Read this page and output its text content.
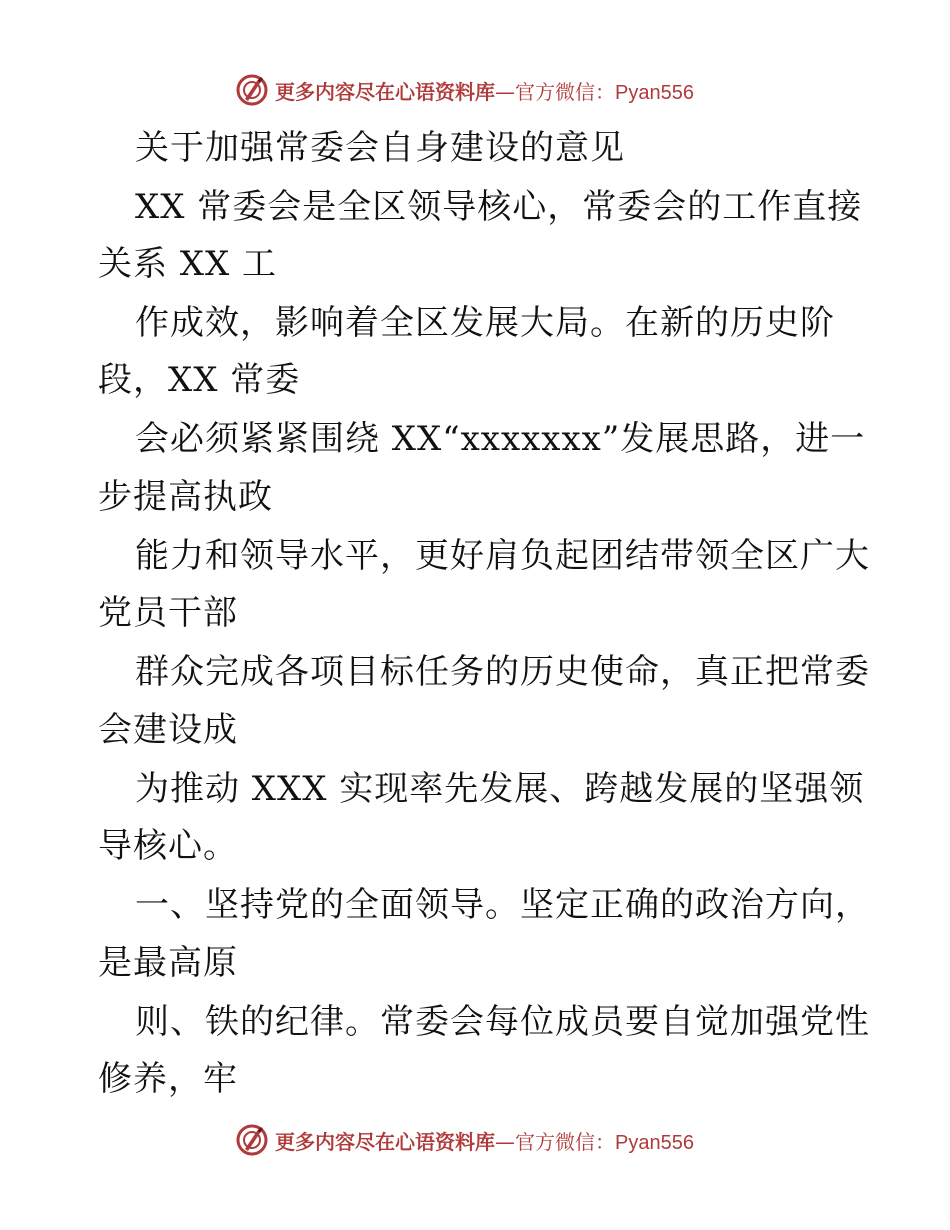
更多内容尽在心语资料库—官方微信：Pyan556
关于加强常委会自身建设的意见
XX 常委会是全区领导核心，常委会的工作直接
关系 XX 工
作成效，影响着全区发展大局。在新的历史阶
段，XX 常委
会必须紧紧围绕 XX“xxxxxxx”发展思路，进一
步提高执政
能力和领导水平，更好肩负起团结带领全区广大
党员干部
群众完成各项目标任务的历史使命，真正把常委
会建设成
为推动 XXX 实现率先发展、跨越发展的坚强领
导核心。
一、坚持党的全面领导。坚定正确的政治方向，
是最高原
则、铁的纪律。常委会每位成员要自觉加强党性
修养，牢
更多内容尽在心语资料库—官方微信：Pyan556
